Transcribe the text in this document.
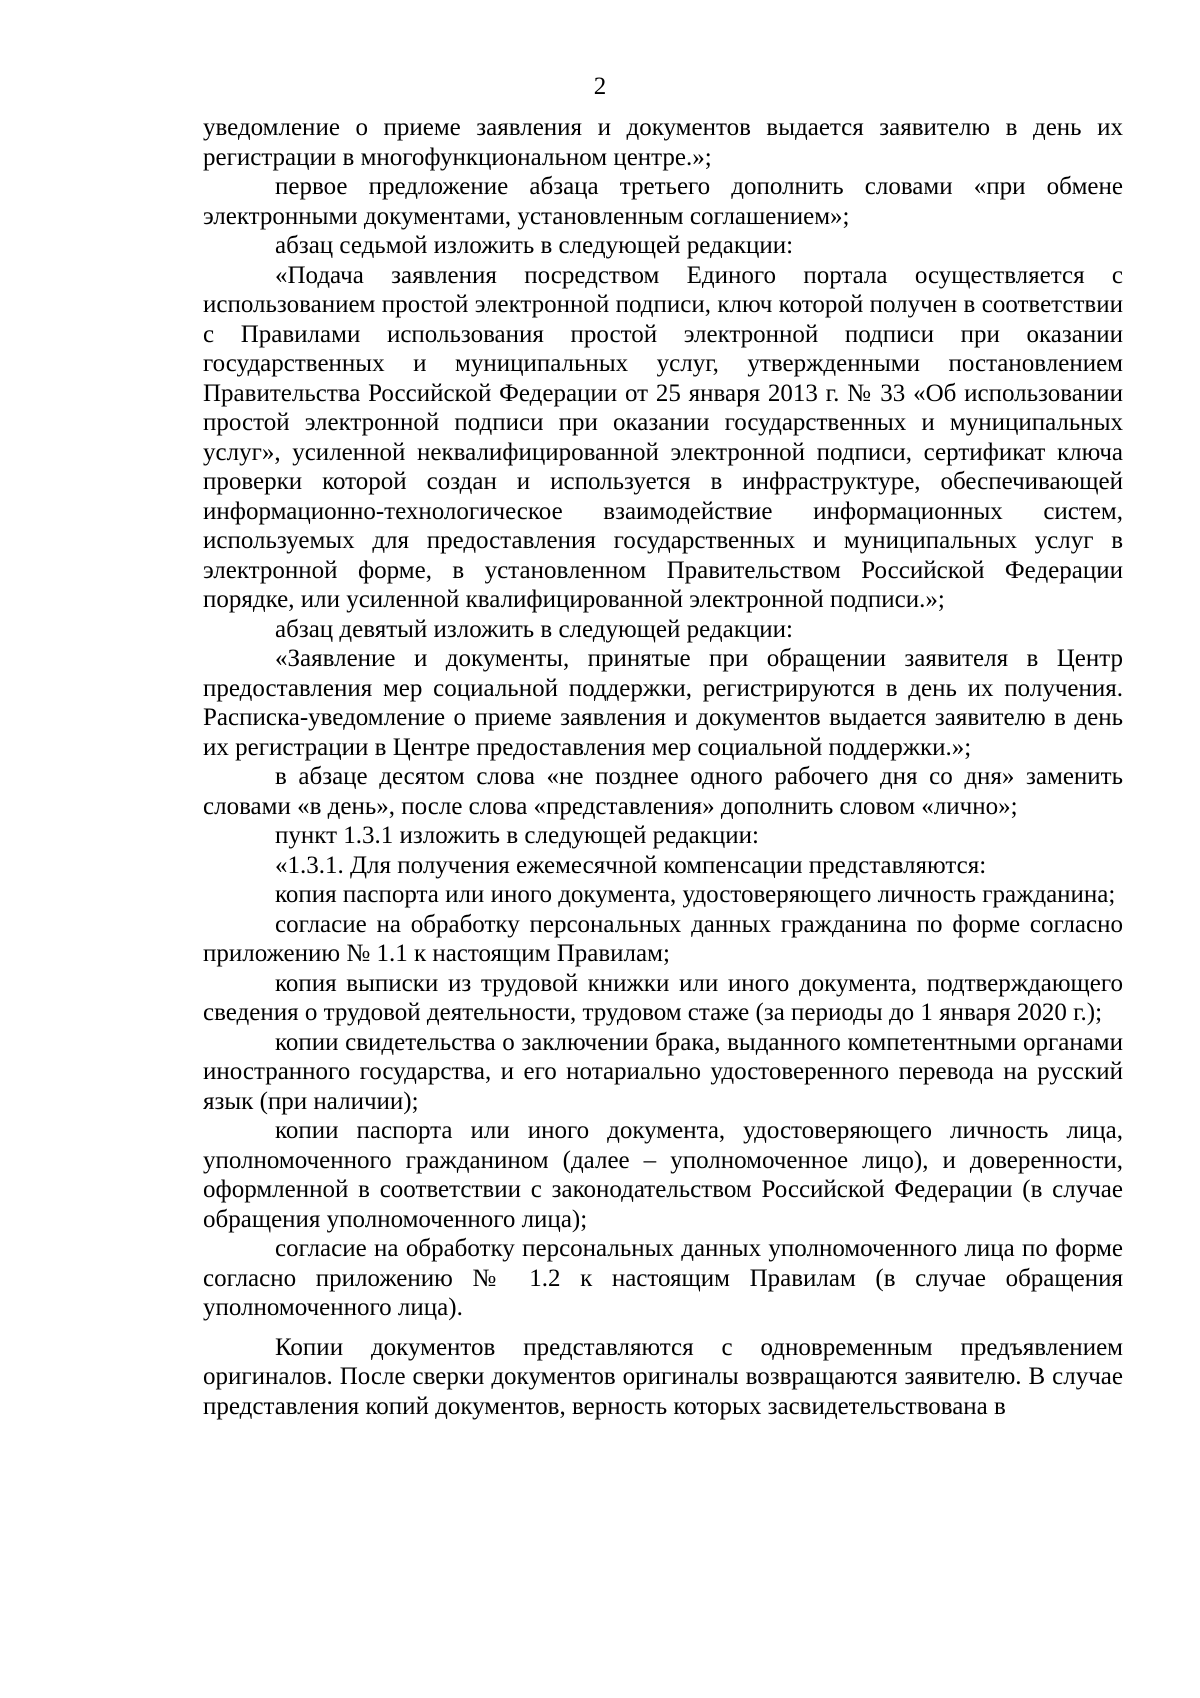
2

уведомление о приеме заявления и документов выдается заявителю в день их регистрации в многофункциональном центре.»;

первое предложение абзаца третьего дополнить словами «при обмене электронными документами, установленным соглашением»;

абзац седьмой изложить в следующей редакции:

«Подача заявления посредством Единого портала осуществляется с использованием простой электронной подписи, ключ которой получен в соответствии с Правилами использования простой электронной подписи при оказании государственных и муниципальных услуг, утвержденными постановлением Правительства Российской Федерации от 25 января 2013 г. № 33 «Об использовании простой электронной подписи при оказании государственных и муниципальных услуг», усиленной неквалифицированной электронной подписи, сертификат ключа проверки которой создан и используется в инфраструктуре, обеспечивающей информационно-технологическое взаимодействие информационных систем, используемых для предоставления государственных и муниципальных услуг в электронной форме, в установленном Правительством Российской Федерации порядке, или усиленной квалифицированной электронной подписи.»;

абзац девятый изложить в следующей редакции:

«Заявление и документы, принятые при обращении заявителя в Центр предоставления мер социальной поддержки, регистрируются в день их получения. Расписка-уведомление о приеме заявления и документов выдается заявителю в день их регистрации в Центре предоставления мер социальной поддержки.»;

в абзаце десятом слова «не позднее одного рабочего дня со дня» заменить словами «в день», после слова «представления» дополнить словом «лично»;

пункт 1.3.1 изложить в следующей редакции:

«1.3.1. Для получения ежемесячной компенсации представляются:

копия паспорта или иного документа, удостоверяющего личность гражданина;

согласие на обработку персональных данных гражданина по форме согласно приложению № 1.1 к настоящим Правилам;

копия выписки из трудовой книжки или иного документа, подтверждающего сведения о трудовой деятельности, трудовом стаже (за периоды до 1 января 2020 г.);

копии свидетельства о заключении брака, выданного компетентными органами иностранного государства, и его нотариально удостоверенного перевода на русский язык (при наличии);

копии паспорта или иного документа, удостоверяющего личность лица, уполномоченного гражданином (далее – уполномоченное лицо), и доверенности, оформленной в соответствии с законодательством Российской Федерации (в случае обращения уполномоченного лица);

согласие на обработку персональных данных уполномоченного лица по форме согласно приложению № 1.2 к настоящим Правилам (в случае обращения уполномоченного лица).

Копии документов представляются с одновременным предъявлением оригиналов. После сверки документов оригиналы возвращаются заявителю. В случае представления копий документов, верность которых засвидетельствована в
